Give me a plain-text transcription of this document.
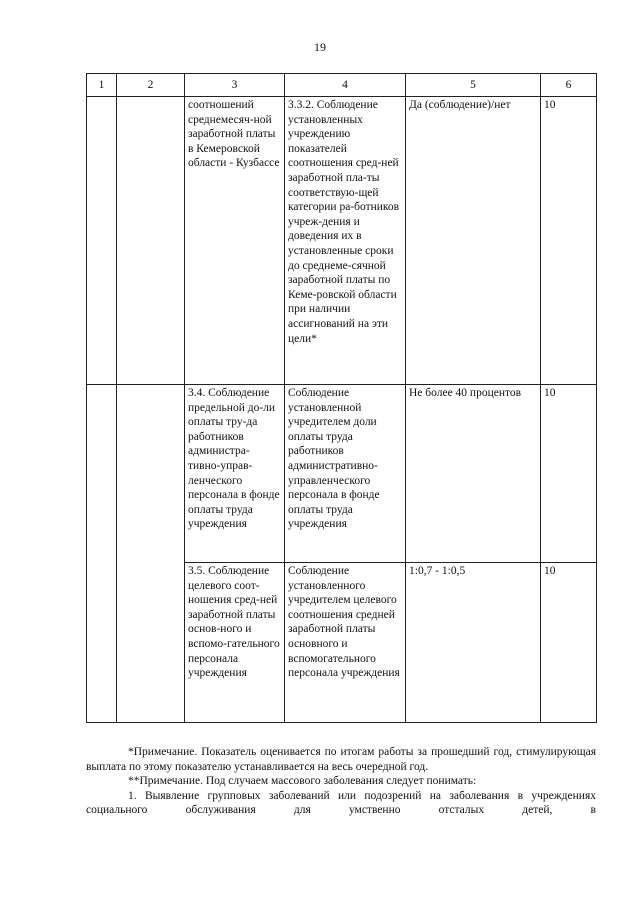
19
1	2	3	4	5	6
		соотношений среднемесяч-ной заработной платы в Кемеровской области - Кузбассе	3.3.2. Соблюдение установленных учреждению показателей соотношения сред-ней заработной пла-ты соответствую-щей категории ра-ботников учреж-дения и доведения их в установленные сроки до среднеме-сячной заработной платы по Кеме-ровской области при наличии ассигнований на эти цели*	Да (соблюдение)/нет	10
		3.4. Соблюдение предельной до-ли оплаты тру-да работников администра-тивно-управ-ленческого персонала в фонде оплаты труда учреждения	Соблюдение установленной учредителем доли оплаты труда работников административно-управленческого персонала в фонде оплаты труда учреждения	Не более 40 процентов	10
		3.5. Соблюдение целевого соот-ношения сред-ней заработной платы основ-ного и вспомо-гательного персонала учреждения	Соблюдение установленного учредителем целевого соотношения средней заработной платы основного и вспомогательного персонала учреждения	1:0,7 - 1:0,5	10

*Примечание. Показатель оценивается по итогам работы за прошедший год, стимулирующая выплата по этому показателю устанавливается на весь очередной год.

**Примечание. Под случаем массового заболевания следует понимать:

1. Выявление групповых заболеваний или подозрений на заболевания в учреждениях социального обслуживания для умственно отсталых детей, в
